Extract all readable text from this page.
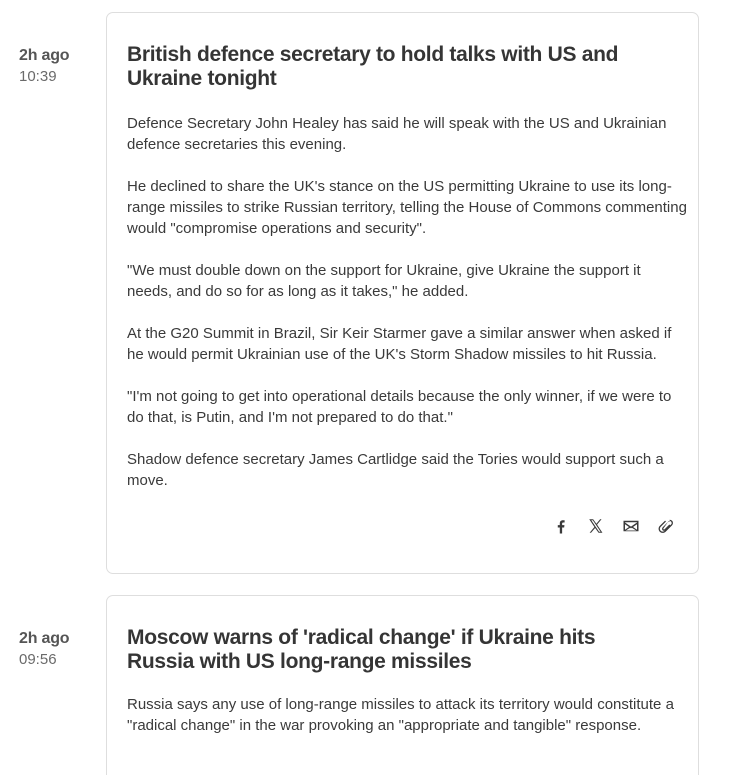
2h ago
10:39
British defence secretary to hold talks with US and Ukraine tonight

Defence Secretary John Healey has said he will speak with the US and Ukrainian defence secretaries this evening.

He declined to share the UK's stance on the US permitting Ukraine to use its long-range missiles to strike Russian territory, telling the House of Commons commenting would "compromise operations and security".

"We must double down on the support for Ukraine, give Ukraine the support it needs, and do so for as long as it takes," he added.

At the G20 Summit in Brazil, Sir Keir Starmer gave a similar answer when asked if he would permit Ukrainian use of the UK's Storm Shadow missiles to hit Russia.

"I'm not going to get into operational details because the only winner, if we were to do that, is Putin, and I'm not prepared to do that."

Shadow defence secretary James Cartlidge said the Tories would support such a move.

2h ago
09:56
Moscow warns of 'radical change' if Ukraine hits Russia with US long-range missiles

Russia says any use of long-range missiles to attack its territory would constitute a "radical change" in the war provoking an "appropriate and tangible" response.
